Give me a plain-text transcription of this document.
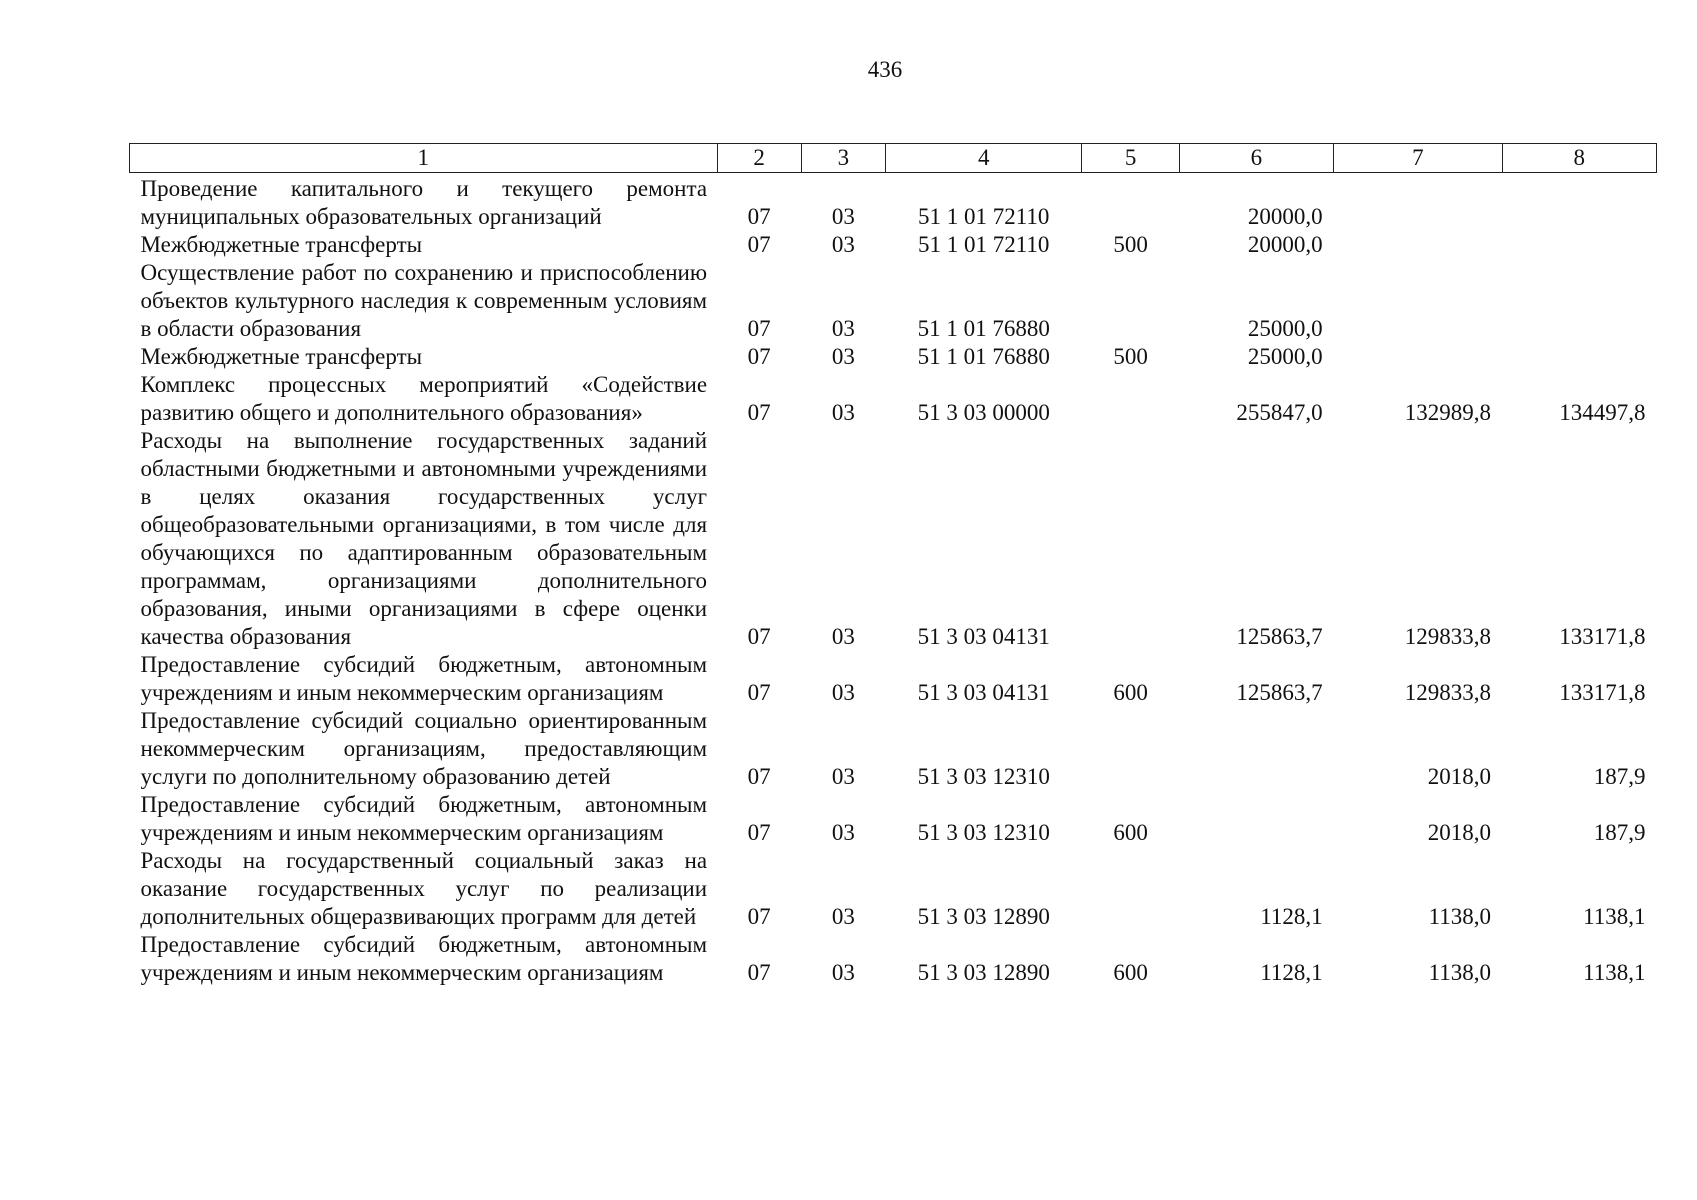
436
1	2	3	4	5	6	7	8
Проведение капитального и текущего ремонта муниципальных образовательных организаций	07	03	51 1 01 72110		20000,0		
Межбюджетные трансферты	07	03	51 1 01 72110	500	20000,0		
Осуществление работ по сохранению и приспособлению объектов культурного наследия к современным условиям в области образования	07	03	51 1 01 76880		25000,0		
Межбюджетные трансферты	07	03	51 1 01 76880	500	25000,0		
Комплекс процессных мероприятий «Содействие развитию общего и дополнительного образования»	07	03	51 3 03 00000		255847,0	132989,8	134497,8
Расходы на выполнение государственных заданий областными бюджетными и автономными учреждениями в целях оказания государственных услуг общеобразовательными организациями, в том числе для обучающихся по адаптированным образовательным программам, организациями дополнительного образования, иными организациями в сфере оценки качества образования	07	03	51 3 03 04131		125863,7	129833,8	133171,8
Предоставление субсидий бюджетным, автономным учреждениям и иным некоммерческим организациям	07	03	51 3 03 04131	600	125863,7	129833,8	133171,8
Предоставление субсидий социально ориентированным некоммерческим организациям, предоставляющим услуги по дополнительному образованию детей	07	03	51 3 03 12310			2018,0	187,9
Предоставление субсидий бюджетным, автономным учреждениям и иным некоммерческим организациям	07	03	51 3 03 12310	600		2018,0	187,9
Расходы на государственный социальный заказ на оказание государственных услуг по реализации дополнительных общеразвивающих программ для детей	07	03	51 3 03 12890		1128,1	1138,0	1138,1
Предоставление субсидий бюджетным, автономным учреждениям и иным некоммерческим организациям	07	03	51 3 03 12890	600	1128,1	1138,0	1138,1
